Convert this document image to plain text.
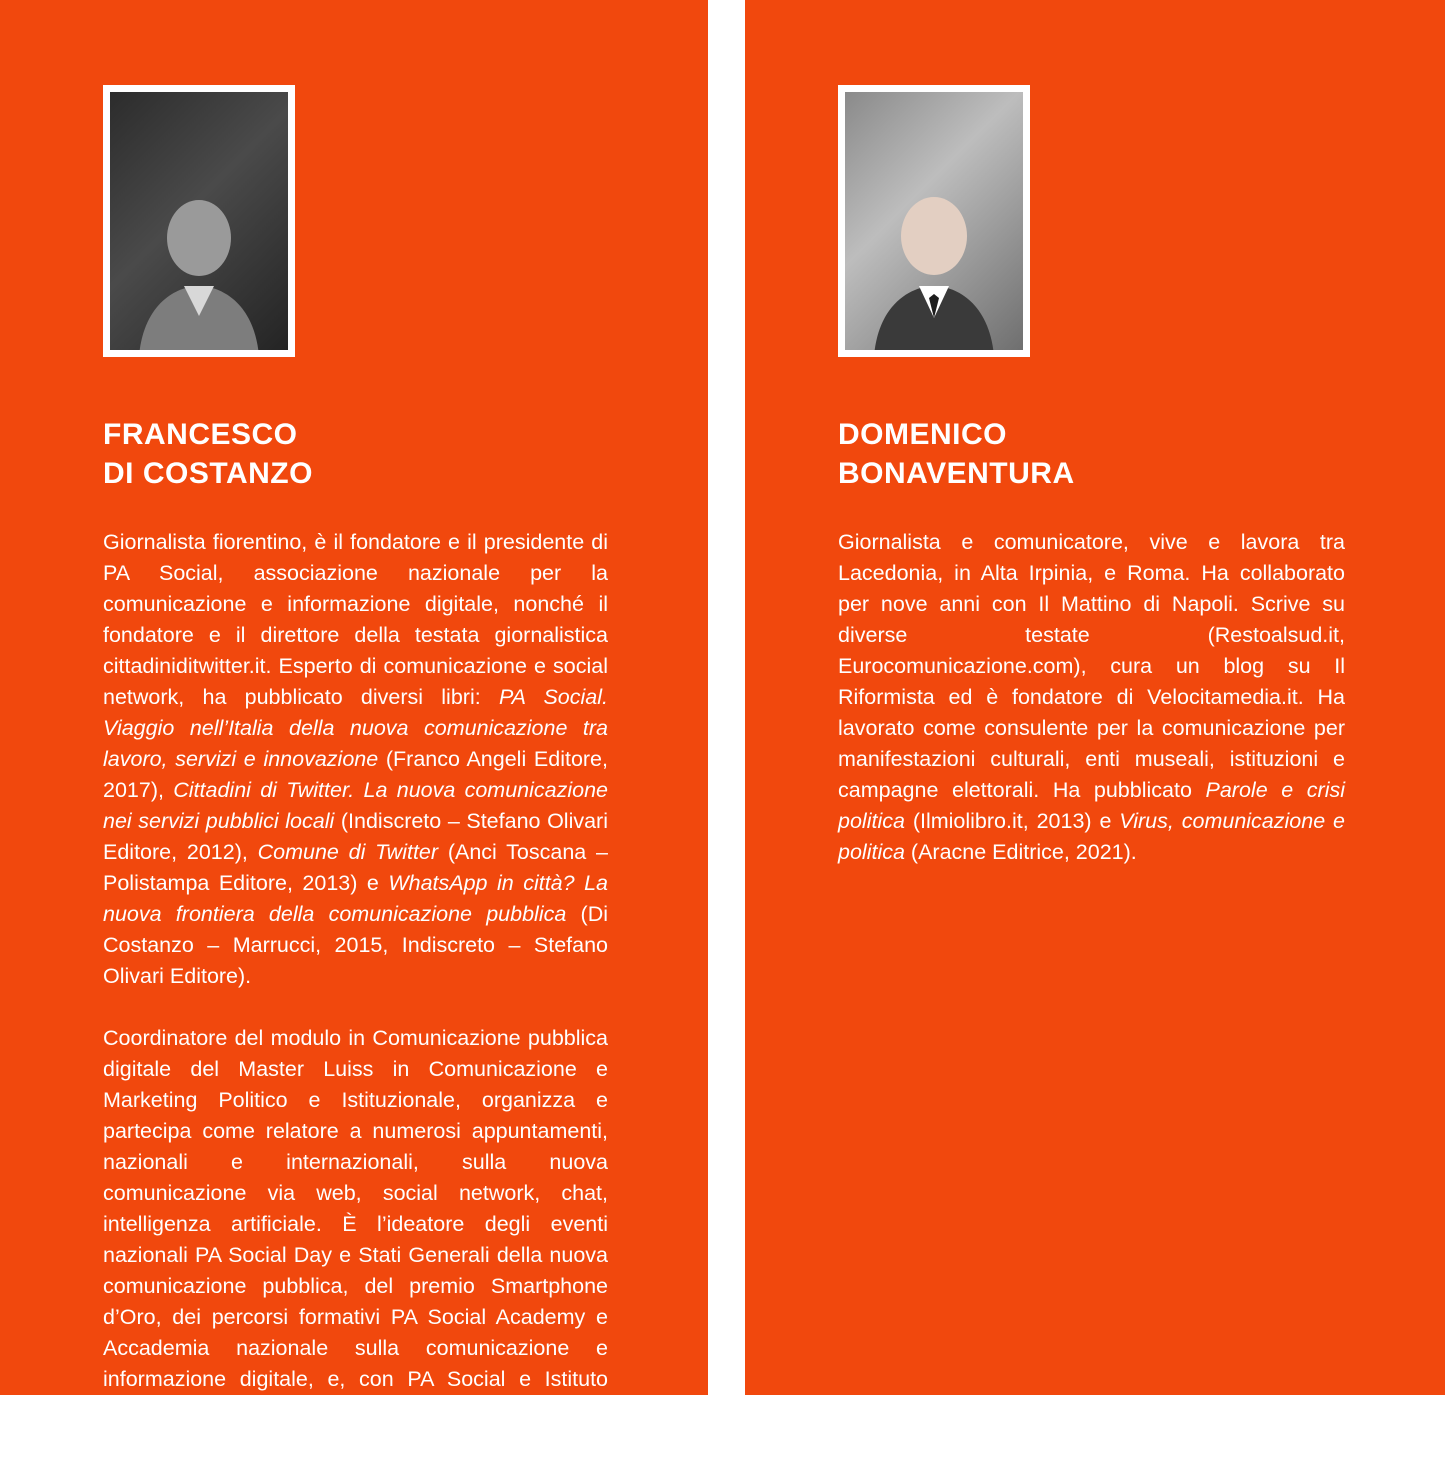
FRANCESCO
DI COSTANZO

Giornalista fiorentino, è il fondatore e il presidente di PA Social, associazione nazionale per la comunicazione e informazione digitale, nonché il fondatore e il direttore della testata giornalistica cittadiniditwitter.it. Esperto di comunicazione e social network, ha pubblicato diversi libri: PA Social. Viaggio nell’Italia della nuova comunicazione tra lavoro, servizi e innovazione (Franco Angeli Editore, 2017), Cittadini di Twitter. La nuova comunicazione nei servizi pubblici locali (Indiscreto – Stefano Olivari Editore, 2012), Comune di Twitter (Anci Toscana – Polistampa Editore, 2013) e WhatsApp in città? La nuova frontiera della comunicazione pubblica (Di Costanzo – Marrucci, 2015, Indiscreto – Stefano Olivari Editore).

Coordinatore del modulo in Comunicazione pubblica digitale del Master Luiss in Comunicazione e Marketing Politico e Istituzionale, organizza e partecipa come relatore a numerosi appuntamenti, nazionali e internazionali, sulla nuova comunicazione via web, social network, chat, intelligenza artificiale. È l’ideatore degli eventi nazionali PA Social Day e Stati Generali della nuova comunicazione pubblica, del premio Smartphone d’Oro, dei percorsi formativi PA Social Academy e Accademia nazionale sulla comunicazione e informazione digitale, e, con PA Social e Istituto Piepoli, dell’Osservatorio nazionale sulla comunicazione digitale.

DOMENICO
BONAVENTURA

Giornalista e comunicatore, vive e lavora tra Lacedonia, in Alta Irpinia, e Roma. Ha collaborato per nove anni con Il Mattino di Napoli. Scrive su diverse testate (Restoalsud.it, Eurocomunicazione.com), cura un blog su Il Riformista ed è fondatore di Velocitamedia.it. Ha lavorato come consulente per la comunicazione per manifestazioni culturali, enti museali, istituzioni e campagne elettorali. Ha pubblicato Parole e crisi politica (Ilmiolibro.it, 2013) e Virus, comunicazione e politica (Aracne Editrice, 2021).
